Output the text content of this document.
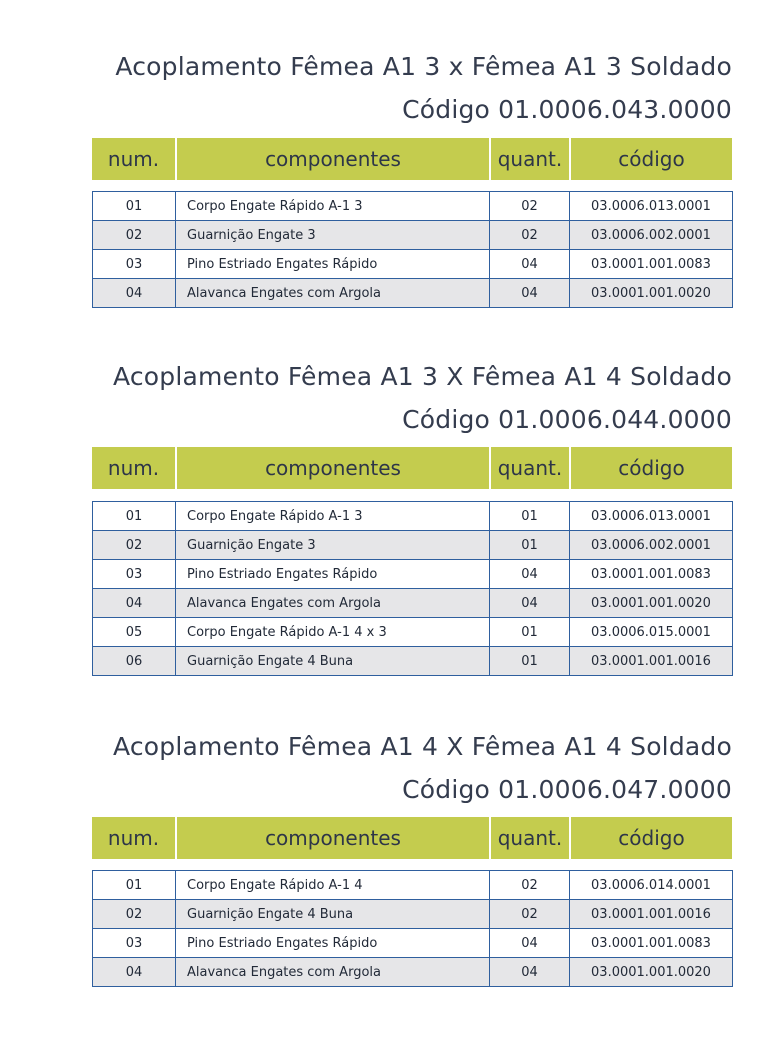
Acoplamento Fêmea A1 3 x Fêmea A1 3 Soldado
Código 01.0006.043.0000
num.	componentes	quant.	código
01	Corpo Engate Rápido A-1 3	02	03.0006.013.0001
02	Guarnição Engate 3	02	03.0006.002.0001
03	Pino Estriado Engates Rápido	04	03.0001.001.0083
04	Alavanca Engates com Argola	04	03.0001.001.0020
Acoplamento Fêmea A1 3 X Fêmea A1 4 Soldado
Código 01.0006.044.0000
num.	componentes	quant.	código
01	Corpo Engate Rápido A-1 3	01	03.0006.013.0001
02	Guarnição Engate 3	01	03.0006.002.0001
03	Pino Estriado Engates Rápido	04	03.0001.001.0083
04	Alavanca Engates com Argola	04	03.0001.001.0020
05	Corpo Engate Rápido A-1 4 x 3	01	03.0006.015.0001
06	Guarnição Engate 4 Buna	01	03.0001.001.0016
Acoplamento Fêmea A1 4 X Fêmea A1 4 Soldado
Código 01.0006.047.0000
num.	componentes	quant.	código
01	Corpo Engate Rápido A-1 4	02	03.0006.014.0001
02	Guarnição Engate 4 Buna	02	03.0001.001.0016
03	Pino Estriado Engates Rápido	04	03.0001.001.0083
04	Alavanca Engates com Argola	04	03.0001.001.0020
